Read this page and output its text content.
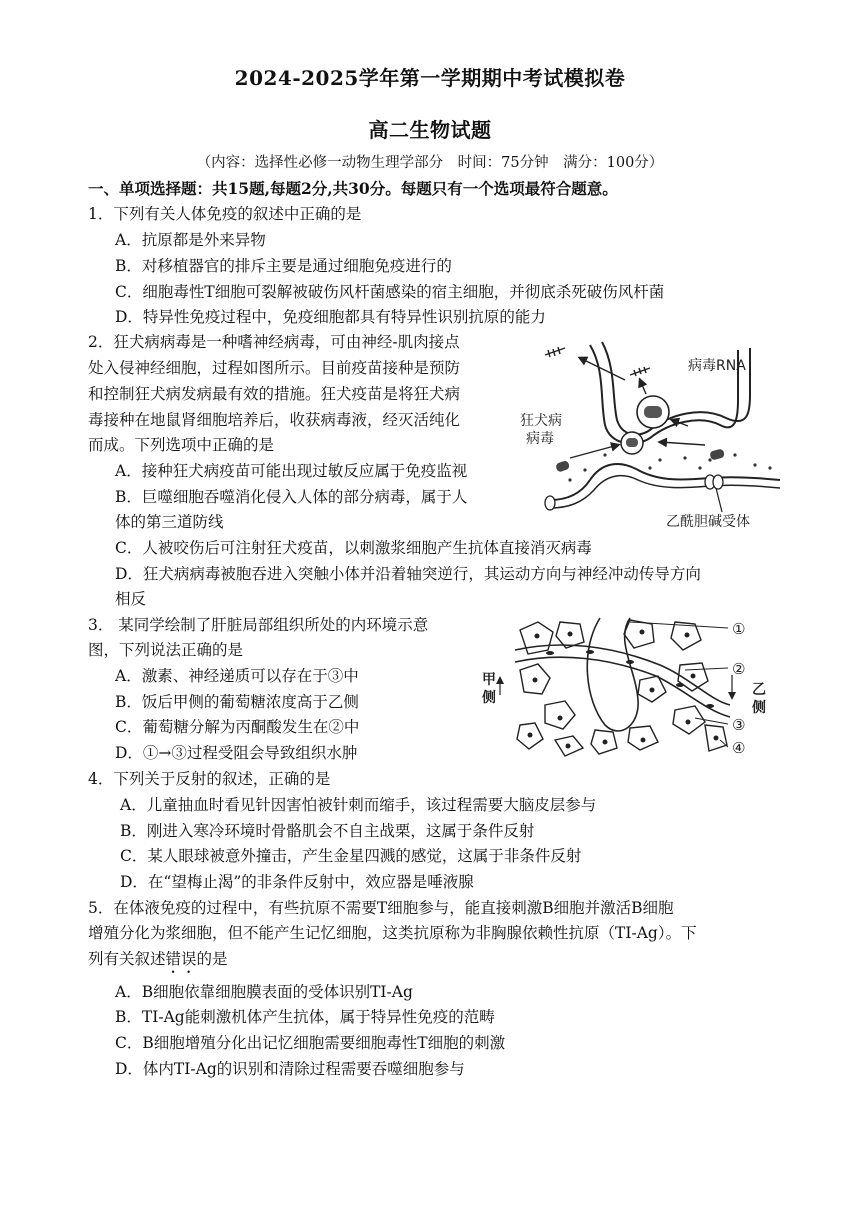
2024-2025学年第一学期期中考试模拟卷
高二生物试题
（内容：选择性必修一动物生理学部分　时间：75分钟　满分：100分）
一、单项选择题：共15题,每题2分,共30分。每题只有一个选项最符合题意。
1．下列有关人体免疫的叙述中正确的是
A．抗原都是外来异物
B．对移植器官的排斥主要是通过细胞免疫进行的
C．细胞毒性T细胞可裂解被破伤风杆菌感染的宿主细胞，并彻底杀死破伤风杆菌
D．特异性免疫过程中，免疫细胞都具有特异性识别抗原的能力
2．狂犬病病毒是一种嗜神经病毒，可由神经-肌肉接点
处入侵神经细胞，过程如图所示。目前疫苗接种是预防
和控制狂犬病发病最有效的措施。狂犬疫苗是将狂犬病
毒接种在地鼠肾细胞培养后，收获病毒液，经灭活纯化
而成。下列选项中正确的是
A．接种狂犬病疫苗可能出现过敏反应属于免疫监视
B．巨噬细胞吞噬消化侵入人体的部分病毒，属于人
体的第三道防线
C．人被咬伤后可注射狂犬疫苗，以刺激浆细胞产生抗体直接消灭病毒
D．狂犬病病毒被胞吞进入突触小体并沿着轴突逆行，其运动方向与神经冲动传导方向
相反
病毒RNA
狂犬病
病毒
乙酰胆碱受体
3． 某同学绘制了肝脏局部组织所处的内环境示意
图，下列说法正确的是
A．激素、神经递质可以存在于③中
B．饭后甲侧的葡萄糖浓度高于乙侧
C．葡萄糖分解为丙酮酸发生在②中
D．①→③过程受阻会导致组织水肿
①
②
③
④
甲
侧	乙
侧
4．下列关于反射的叙述，正确的是
A．儿童抽血时看见针因害怕被针刺而缩手，该过程需要大脑皮层参与
B．刚进入寒冷环境时骨骼肌会不自主战栗，这属于条件反射
C．某人眼球被意外撞击，产生金星四溅的感觉，这属于非条件反射
D．在“望梅止渴”的非条件反射中，效应器是唾液腺
5．在体液免疫的过程中，有些抗原不需要T细胞参与，能直接刺激B细胞并激活B细胞
增殖分化为浆细胞，但不能产生记忆细胞，这类抗原称为非胸腺依赖性抗原（TI-Ag）。下
列有关叙述错误的是
A．B细胞依靠细胞膜表面的受体识别TI-Ag
B．TI-Ag能刺激机体产生抗体，属于特异性免疫的范畴
C．B细胞增殖分化出记忆细胞需要细胞毒性T细胞的刺激
D．体内TI-Ag的识别和清除过程需要吞噬细胞参与
